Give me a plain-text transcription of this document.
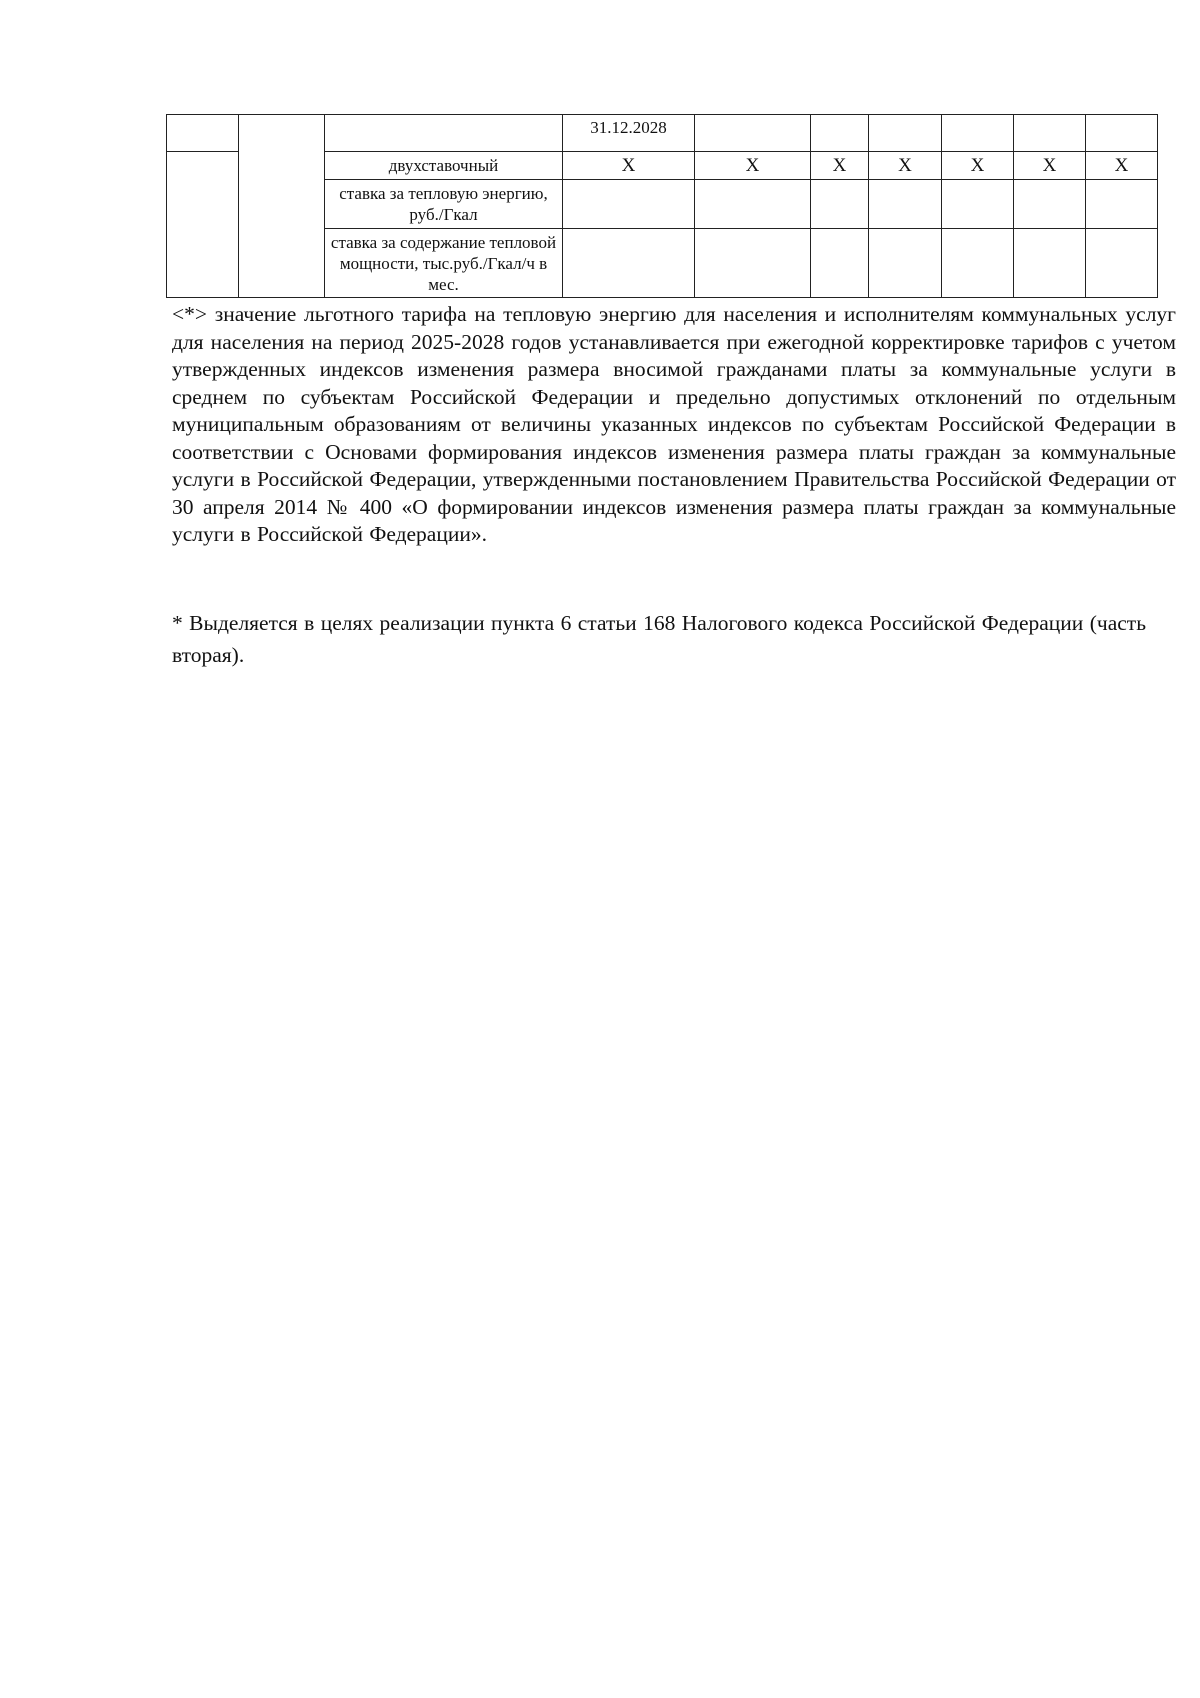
			31.12.2028						
		двухставочный	X	X	X	X	X	X	X
		ставка за тепловую энергию, руб./Гкал							
		ставка за содержание тепловой мощности, тыс.руб./Гкал/ч в мес.							

<*> значение льготного тарифа на тепловую энергию для населения и исполнителям коммунальных услуг для населения на период 2025-2028 годов устанавливается при ежегодной корректировке тарифов с учетом утвержденных индексов изменения размера вносимой гражданами платы за коммунальные услуги в среднем по субъектам Российской Федерации и предельно допустимых отклонений по отдельным муниципальным образованиям от величины указанных индексов по субъектам Российской Федерации в соответствии с Основами формирования индексов изменения размера платы граждан за коммунальные услуги в Российской Федерации, утвержденными постановлением Правительства Российской Федерации от 30 апреля 2014 № 400 «О формировании индексов изменения размера платы граждан за коммунальные услуги в Российской Федерации».

* Выделяется в целях реализации пункта 6 статьи 168 Налогового кодекса Российской Федерации (часть вторая).
